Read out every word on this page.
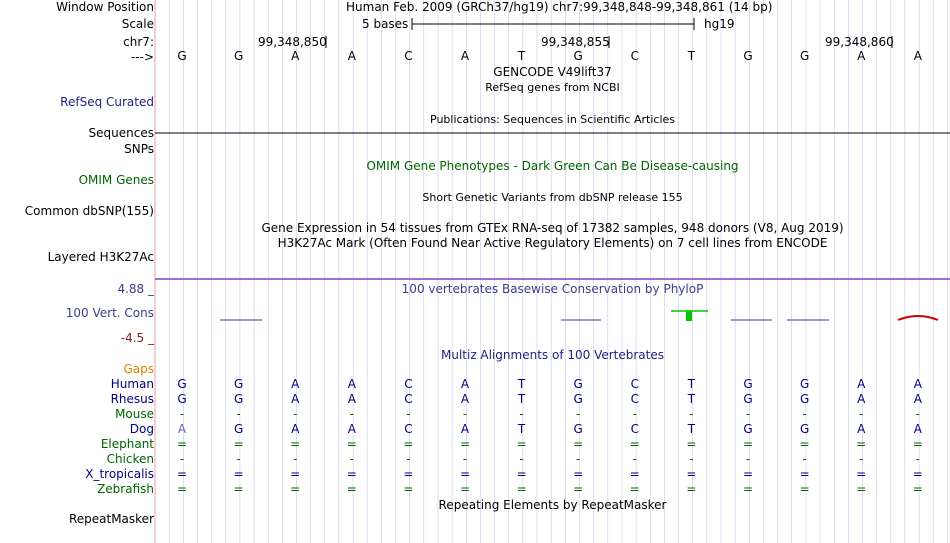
Window Position	Human Feb. 2009 (GRCh37/hg19) chr7:99,348,848-99,348,861 (14 bp)
Scale	5 bases	hg19
chr7:	99,348,850	99,348,855	99,348,860
--->	G	G	A	A	C	A	T	G	C	T	G	G	A	A
GENCODE V49lift37
RefSeq genes from NCBI
RefSeq Curated
Publications: Sequences in Scientific Articles
Sequences
SNPs
OMIM Gene Phenotypes - Dark Green Can Be Disease-causing
OMIM Genes
Short Genetic Variants from dbSNP release 155
Common dbSNP(155)
Gene Expression in 54 tissues from GTEx RNA-seq of 17382 samples, 948 donors (V8, Aug 2019)
H3K27Ac Mark (Often Found Near Active Regulatory Elements) on 7 cell lines from ENCODE
Layered H3K27Ac
4.88 _	100 vertebrates Basewise Conservation by PhyloP
100 Vert. Cons
-4.5 _
Multiz Alignments of 100 Vertebrates
Gaps
Human	G	G	A	A	C	A	T	G	C	T	G	G	A	A
Rhesus	G	G	A	A	C	A	T	G	C	T	G	G	A	A
Mouse	-	-	-	-	-	-	-	-	-	-	-	-	-	-
Dog	A	G	A	A	C	A	T	G	C	T	G	G	A	A
Elephant	=	=	=	=	=	=	=	=	=	=	=	=	=	=
Chicken	-	-	-	-	-	-	-	-	-	-	-	-	-	-
X_tropicalis	=	=	=	=	=	=	=	=	=	=	=	=	=	=
Zebrafish	=	=	=	=	=	=	=	=	=	=	=	=	=	=
Repeating Elements by RepeatMasker
RepeatMasker
